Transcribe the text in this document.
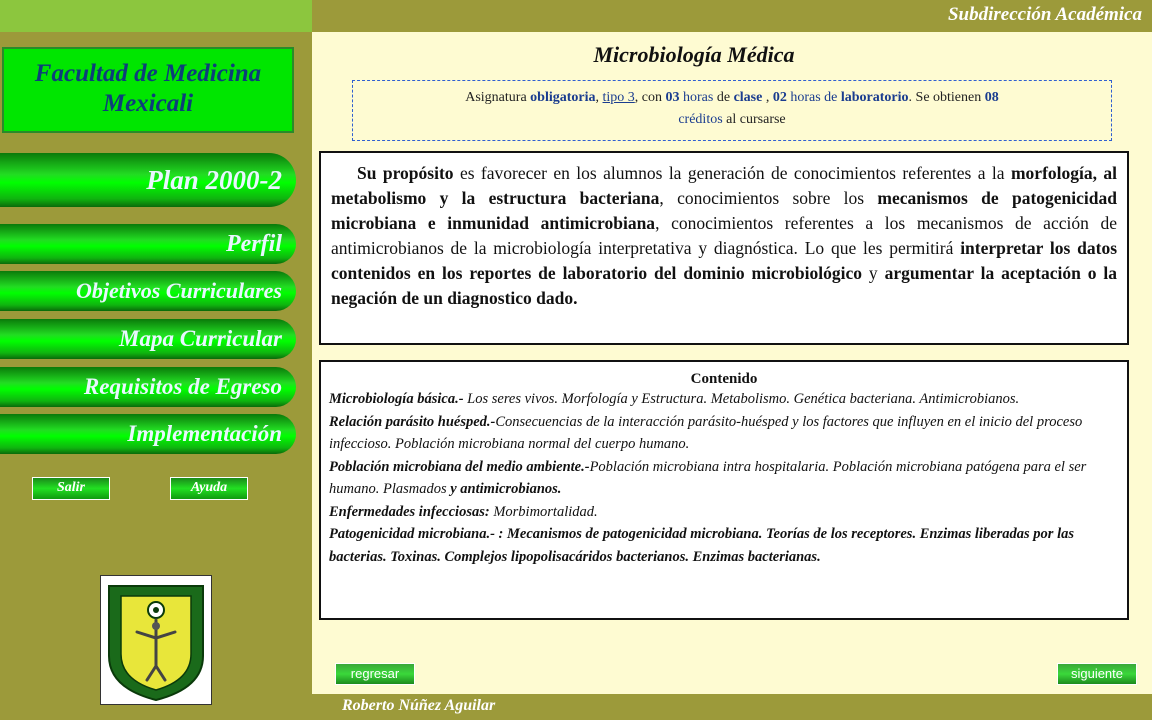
Subdirección Académica
Facultad de Medicina
Mexicali
Plan 2000-2
Perfil
Objetivos Curriculares
Mapa Curricular
Requisitos de Egreso
Implementación
Salir	Ayuda
Microbiología Médica
Asignatura obligatoria, tipo 3, con 03 horas de clase , 02 horas de laboratorio. Se obtienen 08
créditos al cursarse
Su propósito es favorecer en los alumnos la generación de conocimientos referentes a la morfología, al metabolismo y la estructura bacteriana, conocimientos sobre los mecanismos de patogenicidad microbiana e inmunidad antimicrobiana, conocimientos referentes a los mecanismos de acción de antimicrobianos de la microbiología interpretativa y diagnóstica. Lo que les permitirá interpretar los datos contenidos en los reportes de laboratorio del dominio microbiológico y argumentar la aceptación o la negación de un diagnostico dado.
Contenido
Microbiología básica.- Los seres vivos. Morfología y Estructura. Metabolismo. Genética bacteriana. Antimicrobianos.
Relación parásito huésped.-Consecuencias de la interacción parásito-huésped y los factores que influyen en el inicio del proceso infeccioso. Población microbiana normal del cuerpo humano.
Población microbiana del medio ambiente.-Población microbiana intra hospitalaria. Población microbiana patógena para el ser humano. Plasmados y antimicrobianos.
Enfermedades infecciosas: Morbimortalidad.
Patogenicidad microbiana.- : Mecanismos de patogenicidad microbiana. Teorías de los receptores. Enzimas liberadas por las bacterias. Toxinas. Complejos lipopolisacáridos bacterianos. Enzimas bacterianas.
regresar	siguiente
Roberto Núñez Aguilar
